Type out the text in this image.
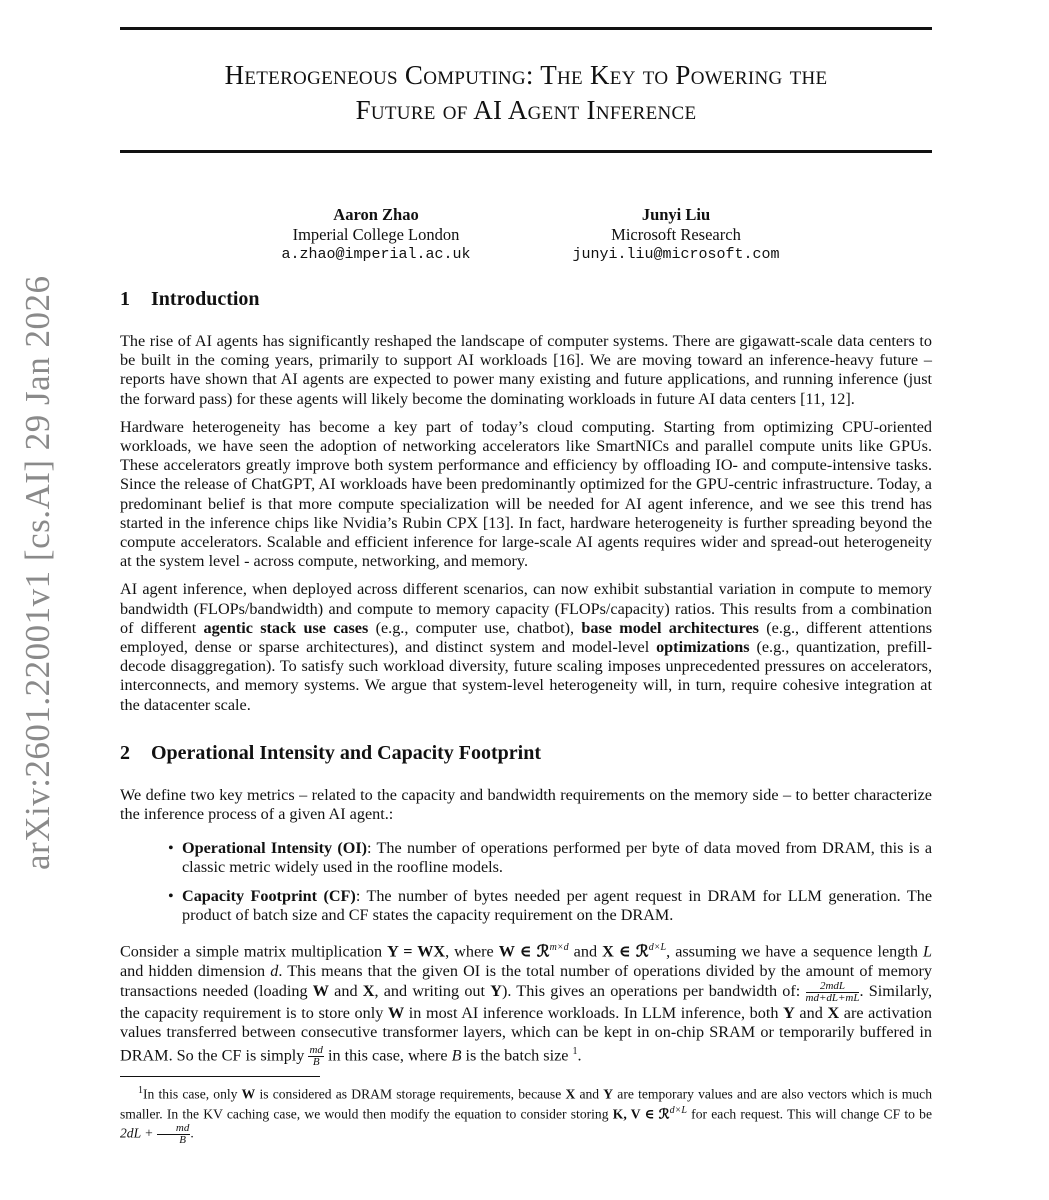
arXiv:2601.22001v1 [cs.AI] 29 Jan 2026
Heterogeneous Computing: The Key to Powering the
Future of AI Agent Inference
Aaron Zhao
Imperial College London
a.zhao@imperial.ac.uk
Junyi Liu
Microsoft Research
junyi.liu@microsoft.com
1 Introduction

The rise of AI agents has significantly reshaped the landscape of computer systems. There are gigawatt-scale data centers to be built in the coming years, primarily to support AI workloads [16]. We are moving toward an inference-heavy future – reports have shown that AI agents are expected to power many existing and future applications, and running inference (just the forward pass) for these agents will likely become the dominating workloads in future AI data centers [11, 12].

Hardware heterogeneity has become a key part of today’s cloud computing. Starting from optimizing CPU-oriented workloads, we have seen the adoption of networking accelerators like SmartNICs and parallel compute units like GPUs. These accelerators greatly improve both system performance and efficiency by offloading IO- and compute-intensive tasks. Since the release of ChatGPT, AI workloads have been predominantly optimized for the GPU-centric infrastructure. Today, a predominant belief is that more compute specialization will be needed for AI agent inference, and we see this trend has started in the inference chips like Nvidia’s Rubin CPX [13]. In fact, hardware heterogeneity is further spreading beyond the compute accelerators. Scalable and efficient inference for large-scale AI agents requires wider and spread-out heterogeneity at the system level - across compute, networking, and memory.

AI agent inference, when deployed across different scenarios, can now exhibit substantial variation in compute to memory bandwidth (FLOPs/bandwidth) and compute to memory capacity (FLOPs/capacity) ratios. This results from a combination of different agentic stack use cases (e.g., computer use, chatbot), base model architectures (e.g., different attentions employed, dense or sparse architectures), and distinct system and model-level optimizations (e.g., quantization, prefill-decode disaggregation). To satisfy such workload diversity, future scaling imposes unprecedented pressures on accelerators, interconnects, and memory systems. We argue that system-level heterogeneity will, in turn, require cohesive integration at the datacenter scale.

2 Operational Intensity and Capacity Footprint

We define two key metrics – related to the capacity and bandwidth requirements on the memory side – to better characterize the inference process of a given AI agent.:

• Operational Intensity (OI): The number of operations performed per byte of data moved from DRAM, this is a classic metric widely used in the roofline models.
• Capacity Footprint (CF): The number of bytes needed per agent request in DRAM for LLM generation. The product of batch size and CF states the capacity requirement on the DRAM.

Consider a simple matrix multiplication Y = WX, where W ∈ ℛ$^{m\times d}$ and X ∈ ℛ$^{d\times L}$, assuming we have a sequence length L and hidden dimension d. This means that the given OI is the total number of operations divided by the amount of memory transactions needed (loading W and X, and writing out Y). This gives an operations per bandwidth of: $\frac{\text{2mdL}}{md+dL+mL}$ . Similarly, the capacity requirement is to store only W in most AI inference workloads. In LLM inference, both Y and X are activation values transferred between consecutive transformer layers, which can be kept in on-chip SRAM or temporarily buffered in DRAM. So the CF is simply $\frac{md}{B}$ in this case, where B is the batch size $^1$.

$^1$In this case, only W is considered as DRAM storage requirements, because X and Y are temporary values and are also vectors which is much smaller. In the KV caching case, we would then modify the equation to consider storing K, V ∈ ℛ$^{d\times L}$ for each request. This will change CF to be $2dL + \frac{md}{B}$ .
